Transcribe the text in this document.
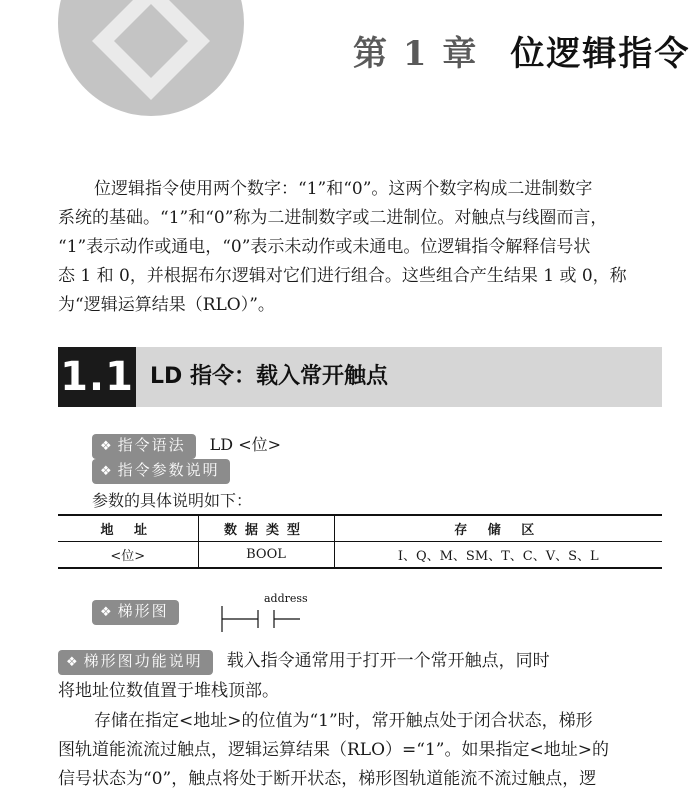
第 1 章 位逻辑指令
位逻辑指令使用两个数字：“1”和“0”。这两个数字构成二进制数字
系统的基础。“1”和“0”称为二进制数字或二进制位。对触点与线圈而言，
“1”表示动作或通电，“0”表示未动作或未通电。位逻辑指令解释信号状
态 1 和 0，并根据布尔逻辑对它们进行组合。这些组合产生结果 1 或 0，称
为“逻辑运算结果（RLO）”。
1.1 LD 指令：载入常开触点
❖ 指令语法 LD <位>
❖ 指令参数说明
参数的具体说明如下：
地 址	数据类型	存 储 区
<位>	BOOL	I、Q、M、SM、T、C、V、S、L
❖ 梯形图
address
❖ 梯形图功能说明 载入指令通常用于打开一个常开触点，同时
将地址位数值置于堆栈顶部。
存储在指定<地址>的位值为“1”时，常开触点处于闭合状态，梯形
图轨道能流流过触点，逻辑运算结果（RLO）=“1”。如果指定<地址>的
信号状态为“0”，触点将处于断开状态，梯形图轨道能流不流过触点，逻
